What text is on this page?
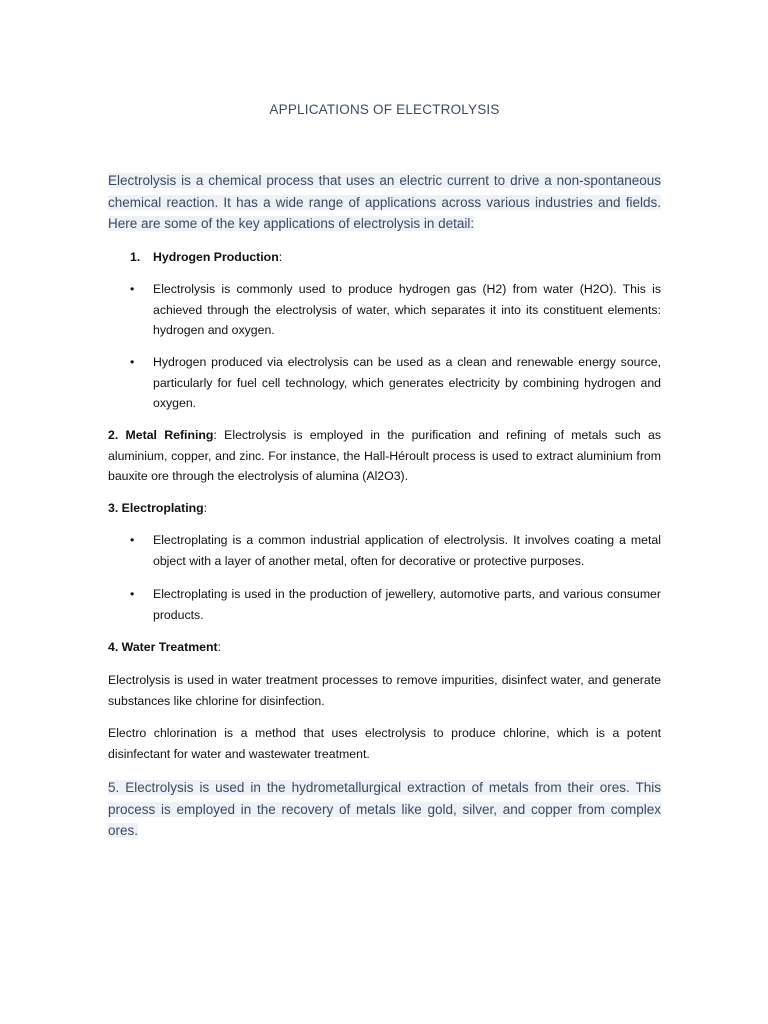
APPLICATIONS OF ELECTROLYSIS
Electrolysis is a chemical process that uses an electric current to drive a non-spontaneous chemical reaction. It has a wide range of applications across various industries and fields. Here are some of the key applications of electrolysis in detail:
1. Hydrogen Production:
• Electrolysis is commonly used to produce hydrogen gas (H2) from water (H2O). This is achieved through the electrolysis of water, which separates it into its constituent elements: hydrogen and oxygen.
• Hydrogen produced via electrolysis can be used as a clean and renewable energy source, particularly for fuel cell technology, which generates electricity by combining hydrogen and oxygen.
2. Metal Refining: Electrolysis is employed in the purification and refining of metals such as aluminium, copper, and zinc. For instance, the Hall-Héroult process is used to extract aluminium from bauxite ore through the electrolysis of alumina (Al2O3).
3. Electroplating:
• Electroplating is a common industrial application of electrolysis. It involves coating a metal object with a layer of another metal, often for decorative or protective purposes.
• Electroplating is used in the production of jewellery, automotive parts, and various consumer products.
4. Water Treatment:
Electrolysis is used in water treatment processes to remove impurities, disinfect water, and generate substances like chlorine for disinfection.
Electro chlorination is a method that uses electrolysis to produce chlorine, which is a potent disinfectant for water and wastewater treatment.
5. Electrolysis is used in the hydrometallurgical extraction of metals from their ores. This process is employed in the recovery of metals like gold, silver, and copper from complex ores.
